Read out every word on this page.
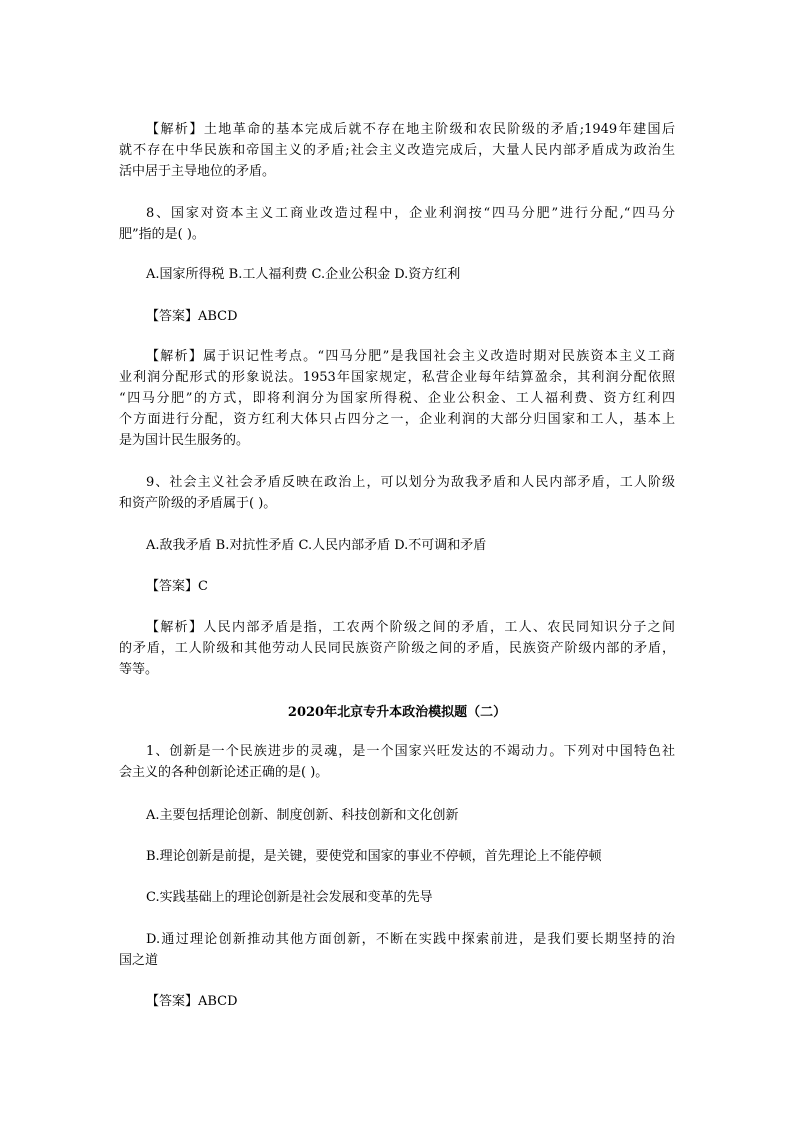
【解析】土地革命的基本完成后就不存在地主阶级和农民阶级的矛盾;1949年建国后
就不存在中华民族和帝国主义的矛盾;社会主义改造完成后，大量人民内部矛盾成为政治生
活中居于主导地位的矛盾。
8、国家对资本主义工商业改造过程中，企业利润按“四马分肥”进行分配,“四马分
肥”指的是( )。
A.国家所得税 B.工人福利费 C.企业公积金 D.资方红利
【答案】ABCD
【解析】属于识记性考点。“四马分肥”是我国社会主义改造时期对民族资本主义工商
业利润分配形式的形象说法。1953年国家规定，私营企业每年结算盈余，其利润分配依照
“四马分肥”的方式，即将利润分为国家所得税、企业公积金、工人福利费、资方红利四
个方面进行分配，资方红利大体只占四分之一，企业利润的大部分归国家和工人，基本上
是为国计民生服务的。
9、社会主义社会矛盾反映在政治上，可以划分为敌我矛盾和人民内部矛盾，工人阶级
和资产阶级的矛盾属于( )。
A.敌我矛盾 B.对抗性矛盾 C.人民内部矛盾 D.不可调和矛盾
【答案】C
【解析】人民内部矛盾是指，工农两个阶级之间的矛盾，工人、农民同知识分子之间
的矛盾，工人阶级和其他劳动人民同民族资产阶级之间的矛盾，民族资产阶级内部的矛盾，
等等。
2020年北京专升本政治模拟题（二）
1、创新是一个民族进步的灵魂，是一个国家兴旺发达的不竭动力。下列对中国特色社
会主义的各种创新论述正确的是( )。
A.主要包括理论创新、制度创新、科技创新和文化创新
B.理论创新是前提，是关键，要使党和国家的事业不停顿，首先理论上不能停顿
C.实践基础上的理论创新是社会发展和变革的先导
D.通过理论创新推动其他方面创新，不断在实践中探索前进，是我们要长期坚持的治
国之道
【答案】ABCD
